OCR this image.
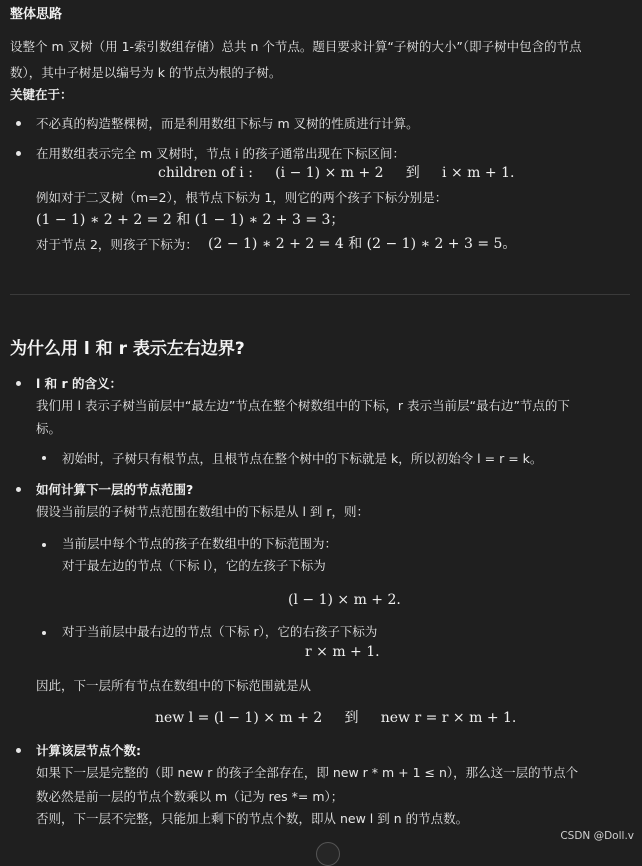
整体思路
设整个 m 叉树（用 1-索引数组存储）总共 n 个节点。题目要求计算“子树的大小”（即子树中包含的节点
数），其中子树是以编号为 k 的节点为根的子树。
关键在于：
不必真的构造整棵树，而是利用数组下标与 m 叉树的性质进行计算。
在用数组表示完全 m 叉树时，节点 i 的孩子通常出现在下标区间：
children of i :     (i − 1) × m + 2     到     i × m + 1.
例如对于二叉树（m=2），根节点下标为 1，则它的两个孩子下标分别是：
(1 − 1) ∗ 2 + 2 = 2 和 (1 − 1) ∗ 2 + 3 = 3；
对于节点 2，则孩子下标为： (2 − 1) ∗ 2 + 2 = 4 和 (2 − 1) ∗ 2 + 3 = 5。
为什么用 l 和 r 表示左右边界?
l 和 r 的含义：
我们用 l 表示子树当前层中“最左边”节点在整个树数组中的下标，r 表示当前层“最右边”节点的下
标。
初始时，子树只有根节点，且根节点在整个树中的下标就是 k，所以初始令 l = r = k。
如何计算下一层的节点范围?
假设当前层的子树节点范围在数组中的下标是从 l 到 r，则：
当前层中每个节点的孩子在数组中的下标范围为：
对于最左边的节点（下标 l），它的左孩子下标为
(l − 1) × m + 2.
对于当前层中最右边的节点（下标 r），它的右孩子下标为
r × m + 1.
因此，下一层所有节点在数组中的下标范围就是从
new l = (l − 1) × m + 2     到     new r = r × m + 1.
计算该层节点个数:
如果下一层是完整的（即 new r 的孩子全部存在，即 new r * m + 1 ≤ n），那么这一层的节点个
数必然是前一层的节点个数乘以 m（记为 res *= m）；
否则，下一层不完整，只能加上剩下的节点个数，即从 new l 到 n 的节点数。
CSDN @Doll.v
